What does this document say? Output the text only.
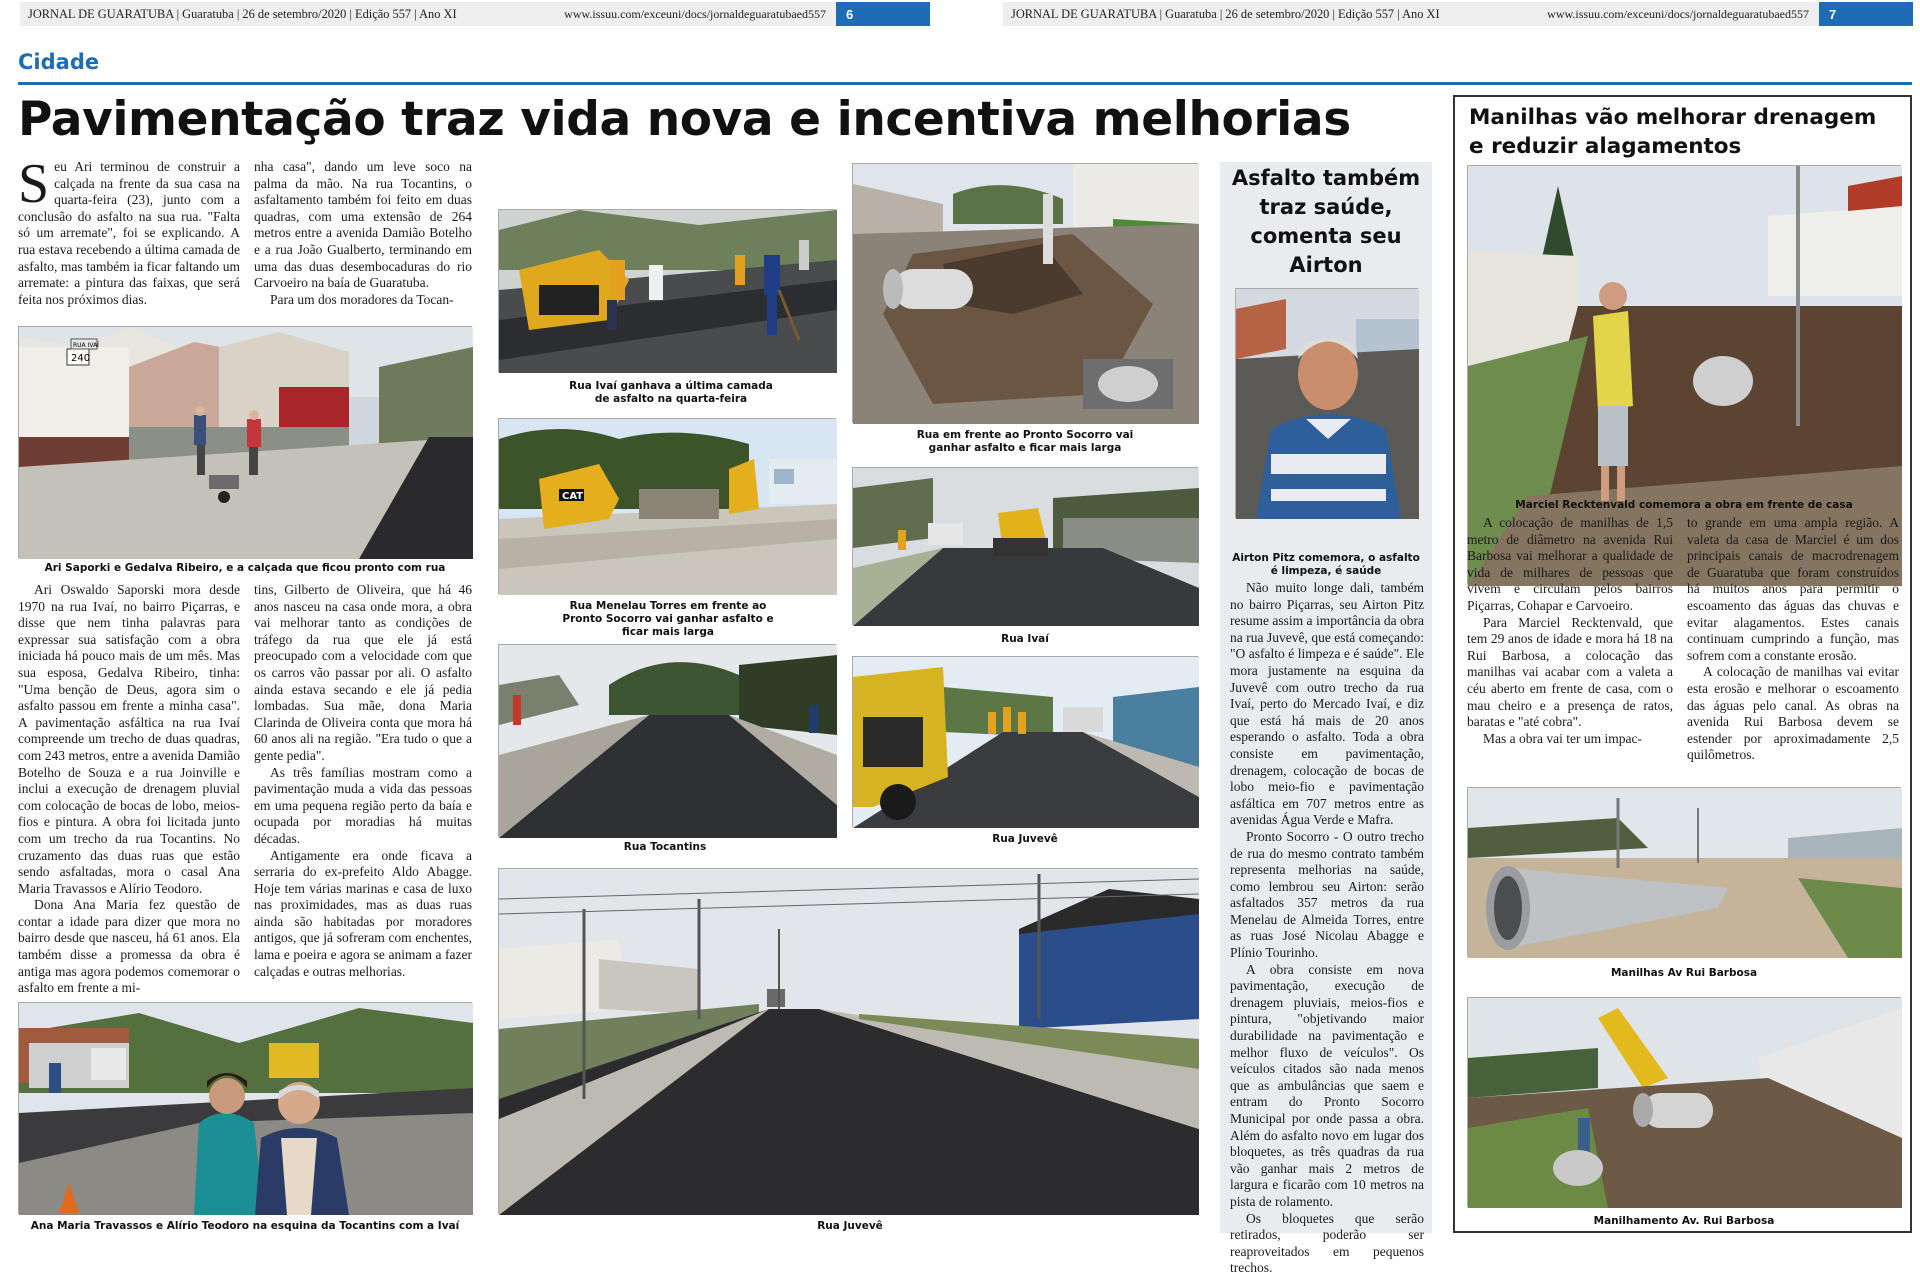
JORNAL DE GUARATUBA | Guaratuba | 26 de setembro/2020 | Edição 557 | Ano XI	www.issuu.com/exceuni/docs/jornaldeguaratubaed557	6	JORNAL DE GUARATUBA | Guaratuba | 26 de setembro/2020 | Edição 557 | Ano XI	www.issuu.com/exceuni/docs/jornaldeguaratubaed557	7
Cidade
Pavimentação traz vida nova e incentiva melhorias

Seu Ari terminou de construir a calçada na frente da sua casa na quarta-feira (23), junto com a conclusão do asfalto na sua rua. "Falta só um arremate", foi se explicando. A rua estava recebendo a última camada de asfalto, mas também ia ficar faltando um arremate: a pintura das faixas, que será feita nos próximos dias.

nha casa", dando um leve soco na palma da mão. Na rua Tocantins, o asfaltamento também foi feito em duas quadras, com uma extensão de 264 metros entre a avenida Damião Botelho e a rua João Gualberto, terminando em uma das duas desembocaduras do rio Carvoeiro na baía de Guaratuba.

Para um dos moradores da Tocan-

240
RUA IVAÍ
Ari Saporki e Gedalva Ribeiro, e a calçada que ficou pronto com rua

Ari Oswaldo Saporski mora desde 1970 na rua Ivaí, no bairro Piçarras, e disse que nem tinha palavras para expressar sua satisfação com a obra iniciada há pouco mais de um mês. Mas sua esposa, Gedalva Ribeiro, tinha: "Uma benção de Deus, agora sim o asfalto passou em frente a minha casa". A pavimentação asfáltica na rua Ivaí compreende um trecho de duas quadras, com 243 metros, entre a avenida Damião Botelho de Souza e a rua Joinville e inclui a execução de drenagem pluvial com colocação de bocas de lobo, meios-fios e pintura. A obra foi licitada junto com um trecho da rua Tocantins. No cruzamento das duas ruas que estão sendo asfaltadas, mora o casal Ana Maria Travassos e Alírio Teodoro.

Dona Ana Maria fez questão de contar a idade para dizer que mora no bairro desde que nasceu, há 61 anos. Ela também disse a promessa da obra é antiga mas agora podemos comemorar o asfalto em frente a mi-

tins, Gilberto de Oliveira, que há 46 anos nasceu na casa onde mora, a obra vai melhorar tanto as condições de tráfego da rua que ele já está preocupado com a velocidade com que os carros vão passar por ali. O asfalto ainda estava secando e ele já pedia lombadas. Sua mãe, dona Maria Clarinda de Oliveira conta que mora há 60 anos ali na região. "Era tudo o que a gente pedia".

As três famílias mostram como a pavimentação muda a vida das pessoas em uma pequena região perto da baía e ocupada por moradias há muitas décadas.

Antigamente era onde ficava a serraria do ex-prefeito Aldo Abagge. Hoje tem várias marinas e casa de luxo nas proximidades, mas as duas ruas ainda são habitadas por moradores antigos, que já sofreram com enchentes, lama e poeira e agora se animam a fazer calçadas e outras melhorias.

Ana Maria Travassos e Alírio Teodoro na esquina da Tocantins com a Ivaí
Rua Ivaí ganhava a última camada de asfalto na quarta-feira
CAT
Rua Menelau Torres em frente ao Pronto Socorro vai ganhar asfalto e ficar mais larga
Rua Tocantins
Rua Juvevê
Rua em frente ao Pronto Socorro vai ganhar asfalto e ficar mais larga
Rua Ivaí
Rua Juvevê
Asfalto também traz saúde, comenta seu Airton
Airton Pitz comemora, o asfalto é limpeza, é saúde

Não muito longe dali, também no bairro Piçarras, seu Airton Pitz resume assim a importância da obra na rua Juvevê, que está começando: "O asfalto é limpeza e é saúde". Ele mora justamente na esquina da Juvevê com outro trecho da rua Ivaí, perto do Mercado Ivaí, e diz que está há mais de 20 anos esperando o asfalto. Toda a obra consiste em pavimentação, drenagem, colocação de bocas de lobo meio-fio e pavimentação asfáltica em 707 metros entre as avenidas Água Verde e Mafra.

Pronto Socorro - O outro trecho de rua do mesmo contrato também representa melhorias na saúde, como lembrou seu Airton: serão asfaltados 357 metros da rua Menelau de Almeida Torres, entre as ruas José Nicolau Abagge e Plínio Tourinho.

A obra consiste em nova pavimentação, execução de drenagem pluviais, meios-fios e pintura, "objetivando maior durabilidade na pavimentação e melhor fluxo de veículos". Os veículos citados são nada menos que as ambulâncias que saem e entram do Pronto Socorro Municipal por onde passa a obra. Além do asfalto novo em lugar dos bloquetes, as três quadras da rua vão ganhar mais 2 metros de largura e ficarão com 10 metros na pista de rolamento.

Os bloquetes que serão retirados, poderão ser reaproveitados em pequenos trechos.

Manilhas vão melhorar drenagem e reduzir alagamentos
Marciel Recktenvald comemora a obra em frente de casa

A colocação de manilhas de 1,5 metro de diâmetro na avenida Rui Barbosa vai melhorar a qualidade de vida de milhares de pessoas que vivem e circulam pelos bairros Piçarras, Cohapar e Carvoeiro.

Para Marciel Recktenvald, que tem 29 anos de idade e mora há 18 na Rui Barbosa, a colocação das manilhas vai acabar com a valeta a céu aberto em frente de casa, com o mau cheiro e a presença de ratos, baratas e "até cobra".

Mas a obra vai ter um impac-

to grande em uma ampla região. A valeta da casa de Marciel é um dos principais canais de macrodrenagem de Guaratuba que foram construídos há muitos anos para permitir o escoamento das águas das chuvas e evitar alagamentos. Estes canais continuam cumprindo a função, mas sofrem com a constante erosão.

A colocação de manilhas vai evitar esta erosão e melhorar o escoamento das águas pelo canal. As obras na avenida Rui Barbosa devem se estender por aproximadamente 2,5 quilômetros.

Manilhas Av Rui Barbosa
Manilhamento Av. Rui Barbosa
